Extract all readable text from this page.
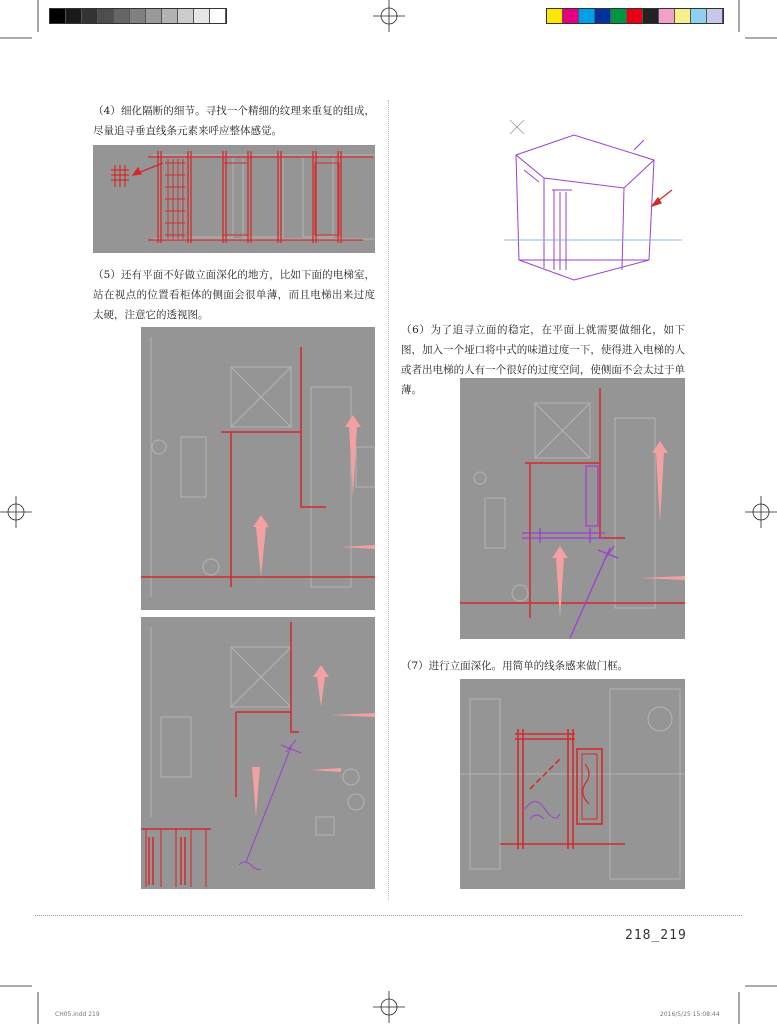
（4）细化隔断的细节。寻找一个精细的纹理来重复的组成，尽量追寻垂直线条元素来呼应整体感觉。
（5）还有平面不好做立面深化的地方，比如下面的电梯室，站在视点的位置看柜体的侧面会很单薄，而且电梯出来过度太硬，注意它的透视图。
（6）为了追寻立面的稳定，在平面上就需要做细化，如下图，加入一个垭口将中式的味道过度一下，使得进入电梯的人或者出电梯的人有一个很好的过度空间，使侧面不会太过于单薄。
（7）进行立面深化。用简单的线条感来做门框。
218_219
CH05.indd 219	2016/5/25 15:08:44
